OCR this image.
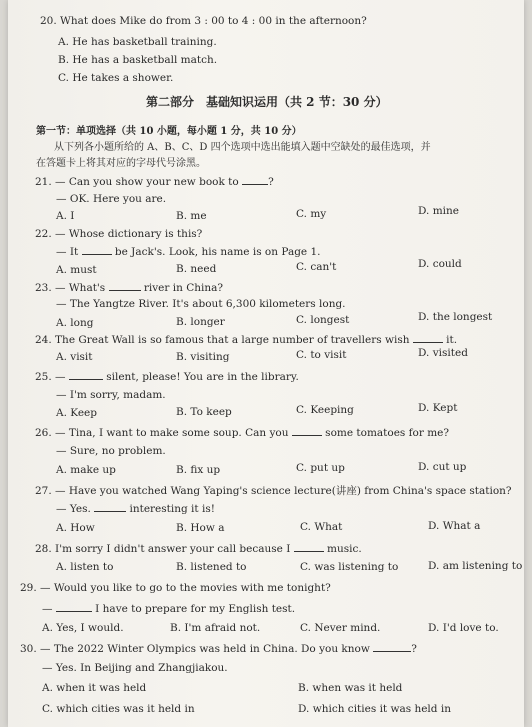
20. What does Mike do from 3 : 00 to 4 : 00 in the afternoon?
A. He has basketball training.
B. He has a basketball match.
C. He takes a shower.
第二部分　基础知识运用（共 2 节：30 分）
第一节：单项选择（共 10 小题，每小题 1 分，共 10 分）
从下列各小题所给的 A、B、C、D 四个选项中选出能填入题中空缺处的最佳选项，并
在答题卡上将其对应的字母代号涂黑。
21. — Can you show your new book to ?
— OK. Here you are.
A. I	B. me	C. my	D. mine
22. — Whose dictionary is this?
— It	be Jack's. Look, his name is on Page 1.
A. must	B. need	C. can't	D. could
23. — What's	river in China?
— The Yangtze River. It's about 6,300 kilometers long.
A. long	B. longer	C. longest	D. the longest
24. The Great Wall is so famous that a large number of travellers wish	it.
A. visit	B. visiting	C. to visit	D. visited
25. —	silent, please! You are in the library.
— I'm sorry, madam.
A. Keep	B. To keep	C. Keeping	D. Kept
26. — Tina, I want to make some soup. Can you	some tomatoes for me?
— Sure, no problem.
A. make up	B. fix up	C. put up	D. cut up
27. — Have you watched Wang Yaping's science lecture(讲座) from China's space station?
— Yes.	interesting it is!
A. How	B. How a	C. What	D. What a
28. I'm sorry I didn't answer your call because I	music.
A. listen to	B. listened to	C. was listening to	D. am listening to
29. — Would you like to go to the movies with me tonight?
—	I have to prepare for my English test.
A. Yes, I would.	B. I'm afraid not.	C. Never mind.	D. I'd love to.
30. — The 2022 Winter Olympics was held in China. Do you know	?
— Yes. In Beijing and Zhangjiakou.
A. when it was held	B. when was it held
C. which cities was it held in	D. which cities it was held in
